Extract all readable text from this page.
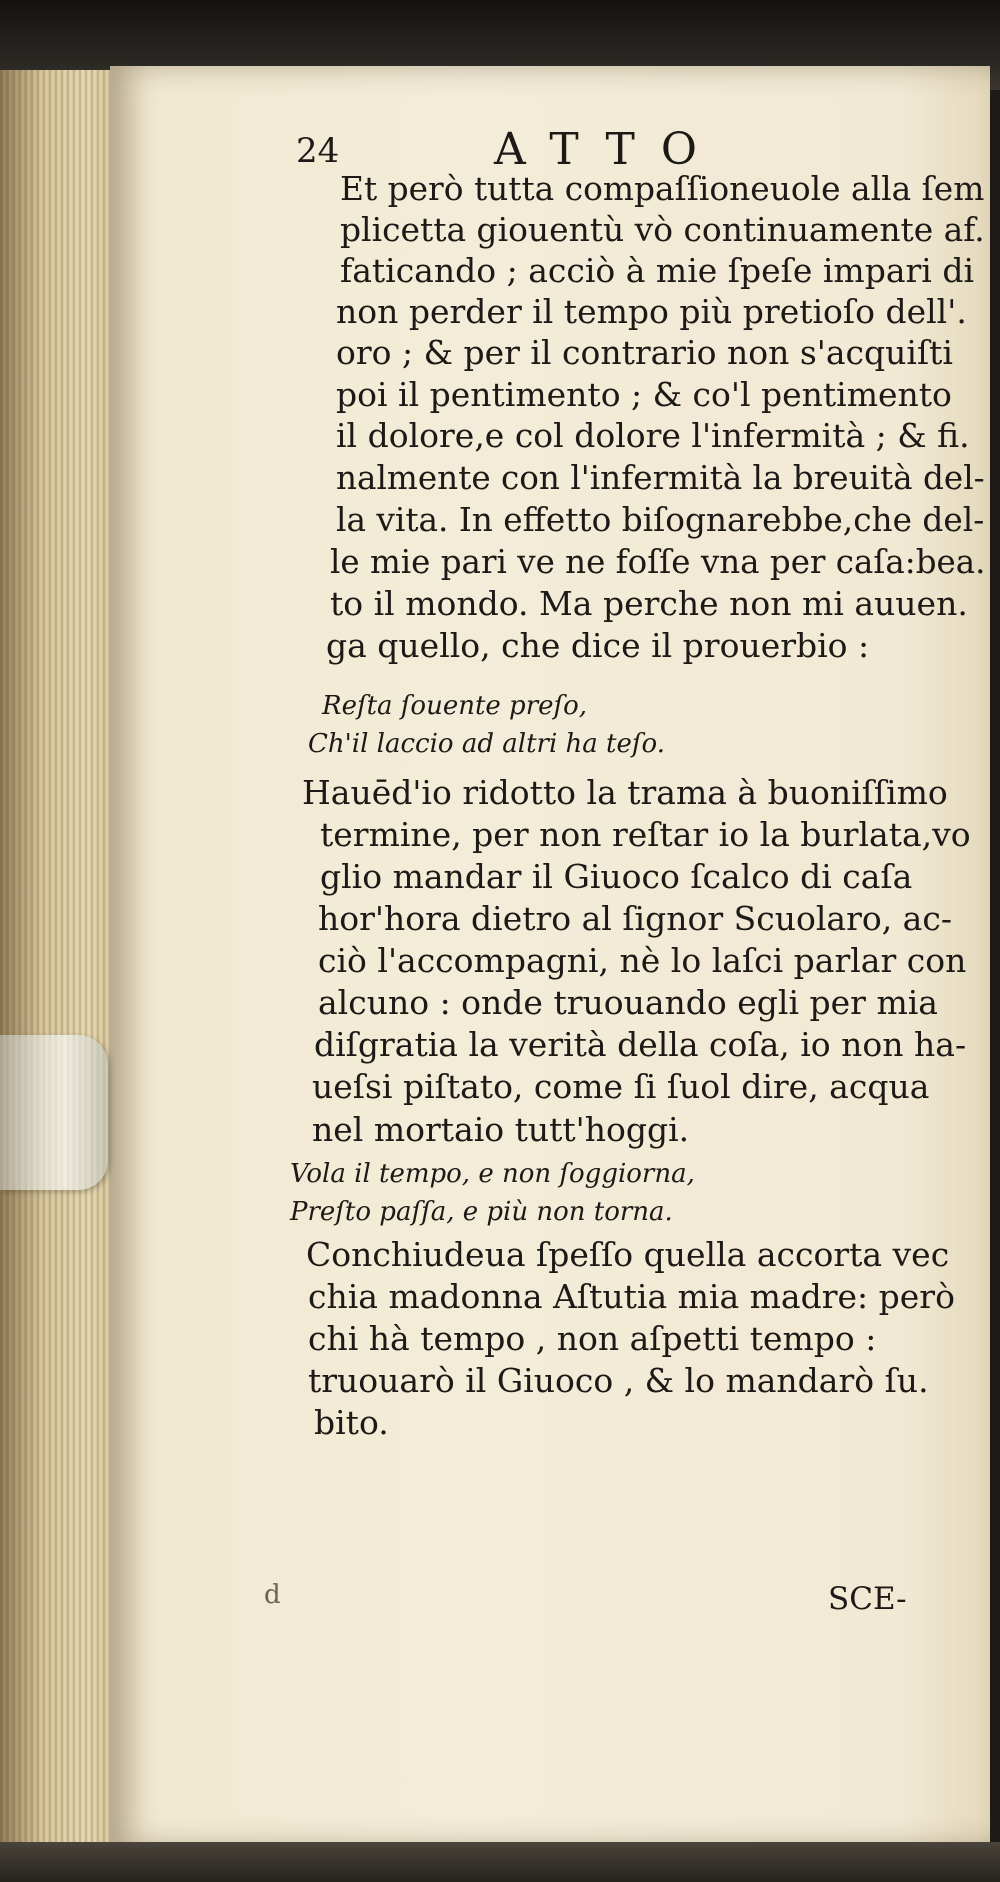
24	ATTO
Et però tutta compaſſioneuole alla ſem
plicetta giouentù vò continuamente af.
faticando ; acciò à mie ſpeſe impari di
non perder il tempo più pretioſo dell'.
oro ; & per il contrario non s'acquiſti
poi il pentimento ; & co'l pentimento
il dolore,e col dolore l'infermità ; & fi.
nalmente con l'infermità la breuità del-
la vita. In effetto biſognarebbe,che del-
le mie pari ve ne foſſe vna per caſa:bea.
to il mondo. Ma perche non mi auuen.
ga quello, che dice il prouerbio :
Reſta ſouente preſo,
Ch'il laccio ad altri ha teſo.
Hauēd'io ridotto la trama à buoniſſimo
termine, per non reſtar io la burlata,vo
glio mandar il Giuoco ſcalco di caſa
hor'hora dietro al ſignor Scuolaro, ac-
ciò l'accompagni, nè lo laſci parlar con
alcuno : onde truouando egli per mia
diſgratia la verità della coſa, io non ha-
ueſsi piſtato, come ſi ſuol dire, acqua
nel mortaio tutt'hoggi.
Vola il tempo, e non ſoggiorna,
Preſto paſſa, e più non torna.
Conchiudeua ſpeſſo quella accorta vec
chia madonna Aſtutia mia madre: però
chi hà tempo , non aſpetti tempo :
truouarò il Giuoco , & lo mandarò ſu.
bito.
d	SCE-
